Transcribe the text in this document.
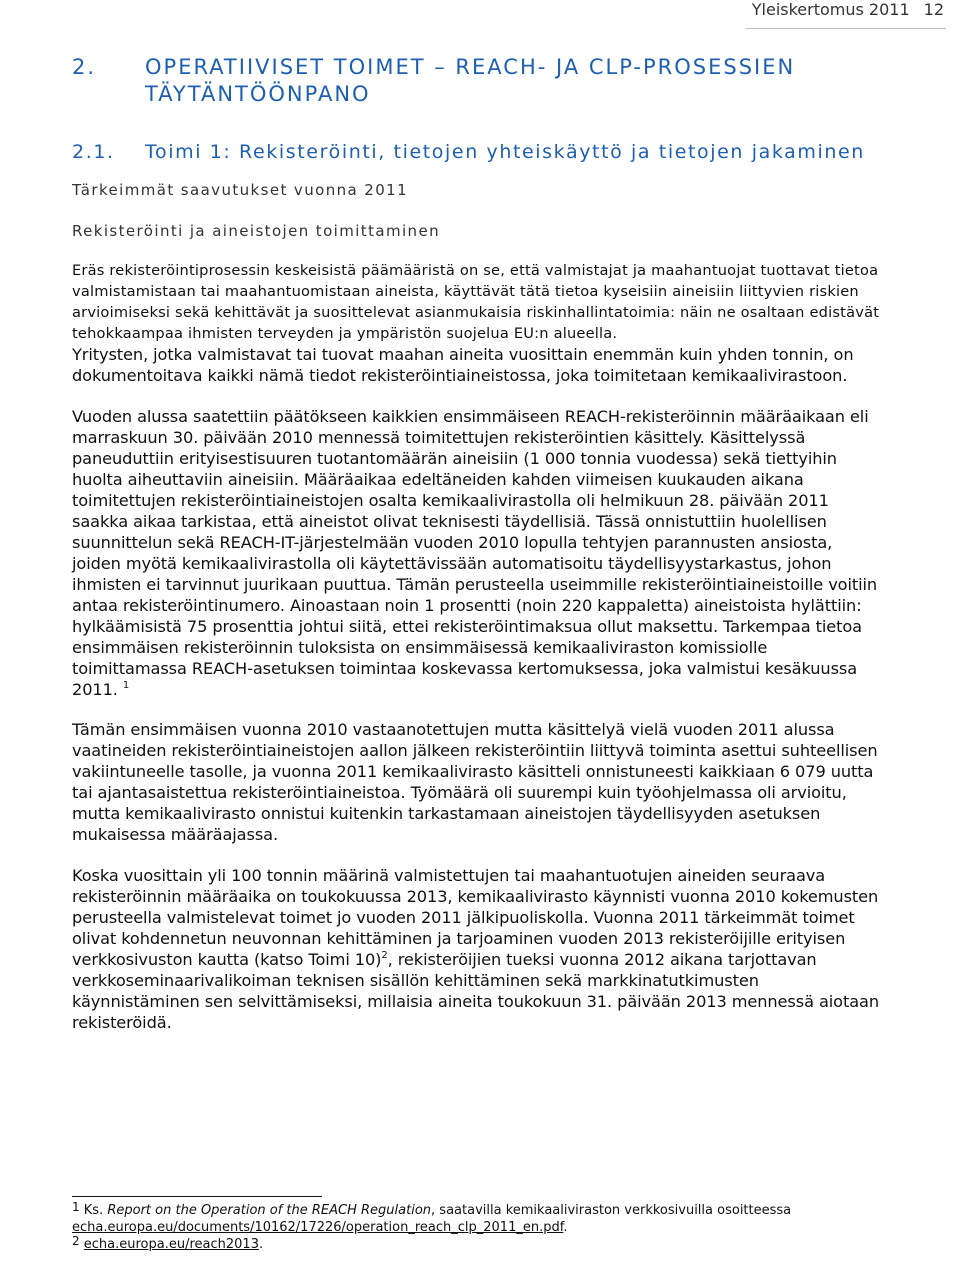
Yleiskertomus 2011 12
2.	OPERATIIVISET TOIMET – REACH- JA CLP-PROSESSIEN TÄYTÄNTÖÖNPANO
2.1.	Toimi 1: Rekisteröinti, tietojen yhteiskäyttö ja tietojen jakaminen
Tärkeimmät saavutukset vuonna 2011
Rekisteröinti ja aineistojen toimittaminen

Eräs rekisteröintiprosessin keskeisistä päämääristä on se, että valmistajat ja maahantuojat tuottavat tietoa valmistamistaan tai maahantuomistaan aineista, käyttävät tätä tietoa kyseisiin aineisiin liittyvien riskien arvioimiseksi sekä kehittävät ja suosittelevat asianmukaisia riskinhallintatoimia: näin ne osaltaan edistävät tehokkaampaa ihmisten terveyden ja ympäristön suojelua EU:n alueella.

Yritysten, jotka valmistavat tai tuovat maahan aineita vuosittain enemmän kuin yhden tonnin, on dokumentoitava kaikki nämä tiedot rekisteröintiaineistossa, joka toimitetaan kemikaalivirastoon.

Vuoden alussa saatettiin päätökseen kaikkien ensimmäiseen REACH-rekisteröinnin määräaikaan eli marraskuun 30. päivään 2010 mennessä toimitettujen rekisteröintien käsittely. Käsittelyssä paneuduttiin erityisestisuuren tuotantomäärän aineisiin (1 000 tonnia vuodessa) sekä tiettyihin huolta aiheuttaviin aineisiin. Määräaikaa edeltäneiden kahden viimeisen kuukauden aikana toimitettujen rekisteröintiaineistojen osalta kemikaalivirastolla oli helmikuun 28. päivään 2011 saakka aikaa tarkistaa, että aineistot olivat teknisesti täydellisiä. Tässä onnistuttiin huolellisen suunnittelun sekä REACH-IT-järjestelmään vuoden 2010 lopulla tehtyjen parannusten ansiosta, joiden myötä kemikaalivirastolla oli käytettävissään automatisoitu täydellisyystarkastus, johon ihmisten ei tarvinnut juurikaan puuttua. Tämän perusteella useimmille rekisteröintiaineistoille voitiin antaa rekisteröintinumero. Ainoastaan noin 1 prosentti (noin 220 kappaletta) aineistoista hylättiin: hylkäämisistä 75 prosenttia johtui siitä, ettei rekisteröintimaksua ollut maksettu. Tarkempaa tietoa ensimmäisen rekisteröinnin tuloksista on ensimmäisessä kemikaaliviraston komissiolle toimittamassa REACH-asetuksen toimintaa koskevassa kertomuksessa, joka valmistui kesäkuussa 2011. $^1$

Tämän ensimmäisen vuonna 2010 vastaanotettujen mutta käsittelyä vielä vuoden 2011 alussa vaatineiden rekisteröintiaineistojen aallon jälkeen rekisteröintiin liittyvä toiminta asettui suhteellisen vakiintuneelle tasolle, ja vuonna 2011 kemikaalivirasto käsitteli onnistuneesti kaikkiaan 6 079 uutta tai ajantasaistettua rekisteröintiaineistoa. Työmäärä oli suurempi kuin työohjelmassa oli arvioitu, mutta kemikaalivirasto onnistui kuitenkin tarkastamaan aineistojen täydellisyyden asetuksen mukaisessa määräajassa.

Koska vuosittain yli 100 tonnin määrinä valmistettujen tai maahantuotujen aineiden seuraava rekisteröinnin määräaika on toukokuussa 2013, kemikaalivirasto käynnisti vuonna 2010 kokemusten perusteella valmistelevat toimet jo vuoden 2011 jälkipuoliskolla. Vuonna 2011 tärkeimmät toimet olivat kohdennetun neuvonnan kehittäminen ja tarjoaminen vuoden 2013 rekisteröijille erityisen verkkosivuston kautta (katso Toimi 10)$^2$, rekisteröijien tueksi vuonna 2012 aikana tarjottavan verkkoseminaarivalikoiman teknisen sisällön kehittäminen sekä markkinatutkimusten käynnistäminen sen selvittämiseksi, millaisia aineita toukokuun 31. päivään 2013 mennessä aiotaan rekisteröidä.

$^1$ Ks. Report on the Operation of the REACH Regulation, saatavilla kemikaaliviraston verkkosivuilla osoitteessa echa.europa.eu/documents/10162/17226/operation_reach_clp_2011_en.pdf.

$^2$ echa.europa.eu/reach2013.
